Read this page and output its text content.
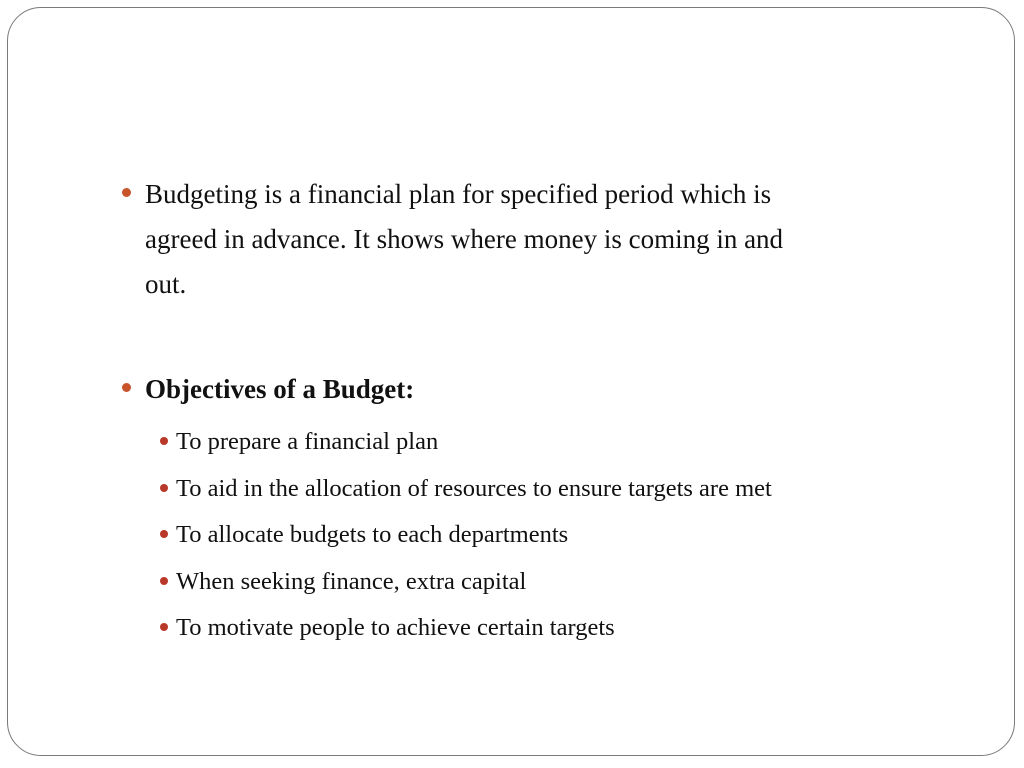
Budgeting is a financial plan for specified period which is
agreed in advance. It shows where money is coming in and
out.
Objectives of a Budget:
To prepare a financial plan
To aid in the allocation of resources to ensure targets are met
To allocate budgets to each departments
When seeking finance, extra capital
To motivate people to achieve certain targets
